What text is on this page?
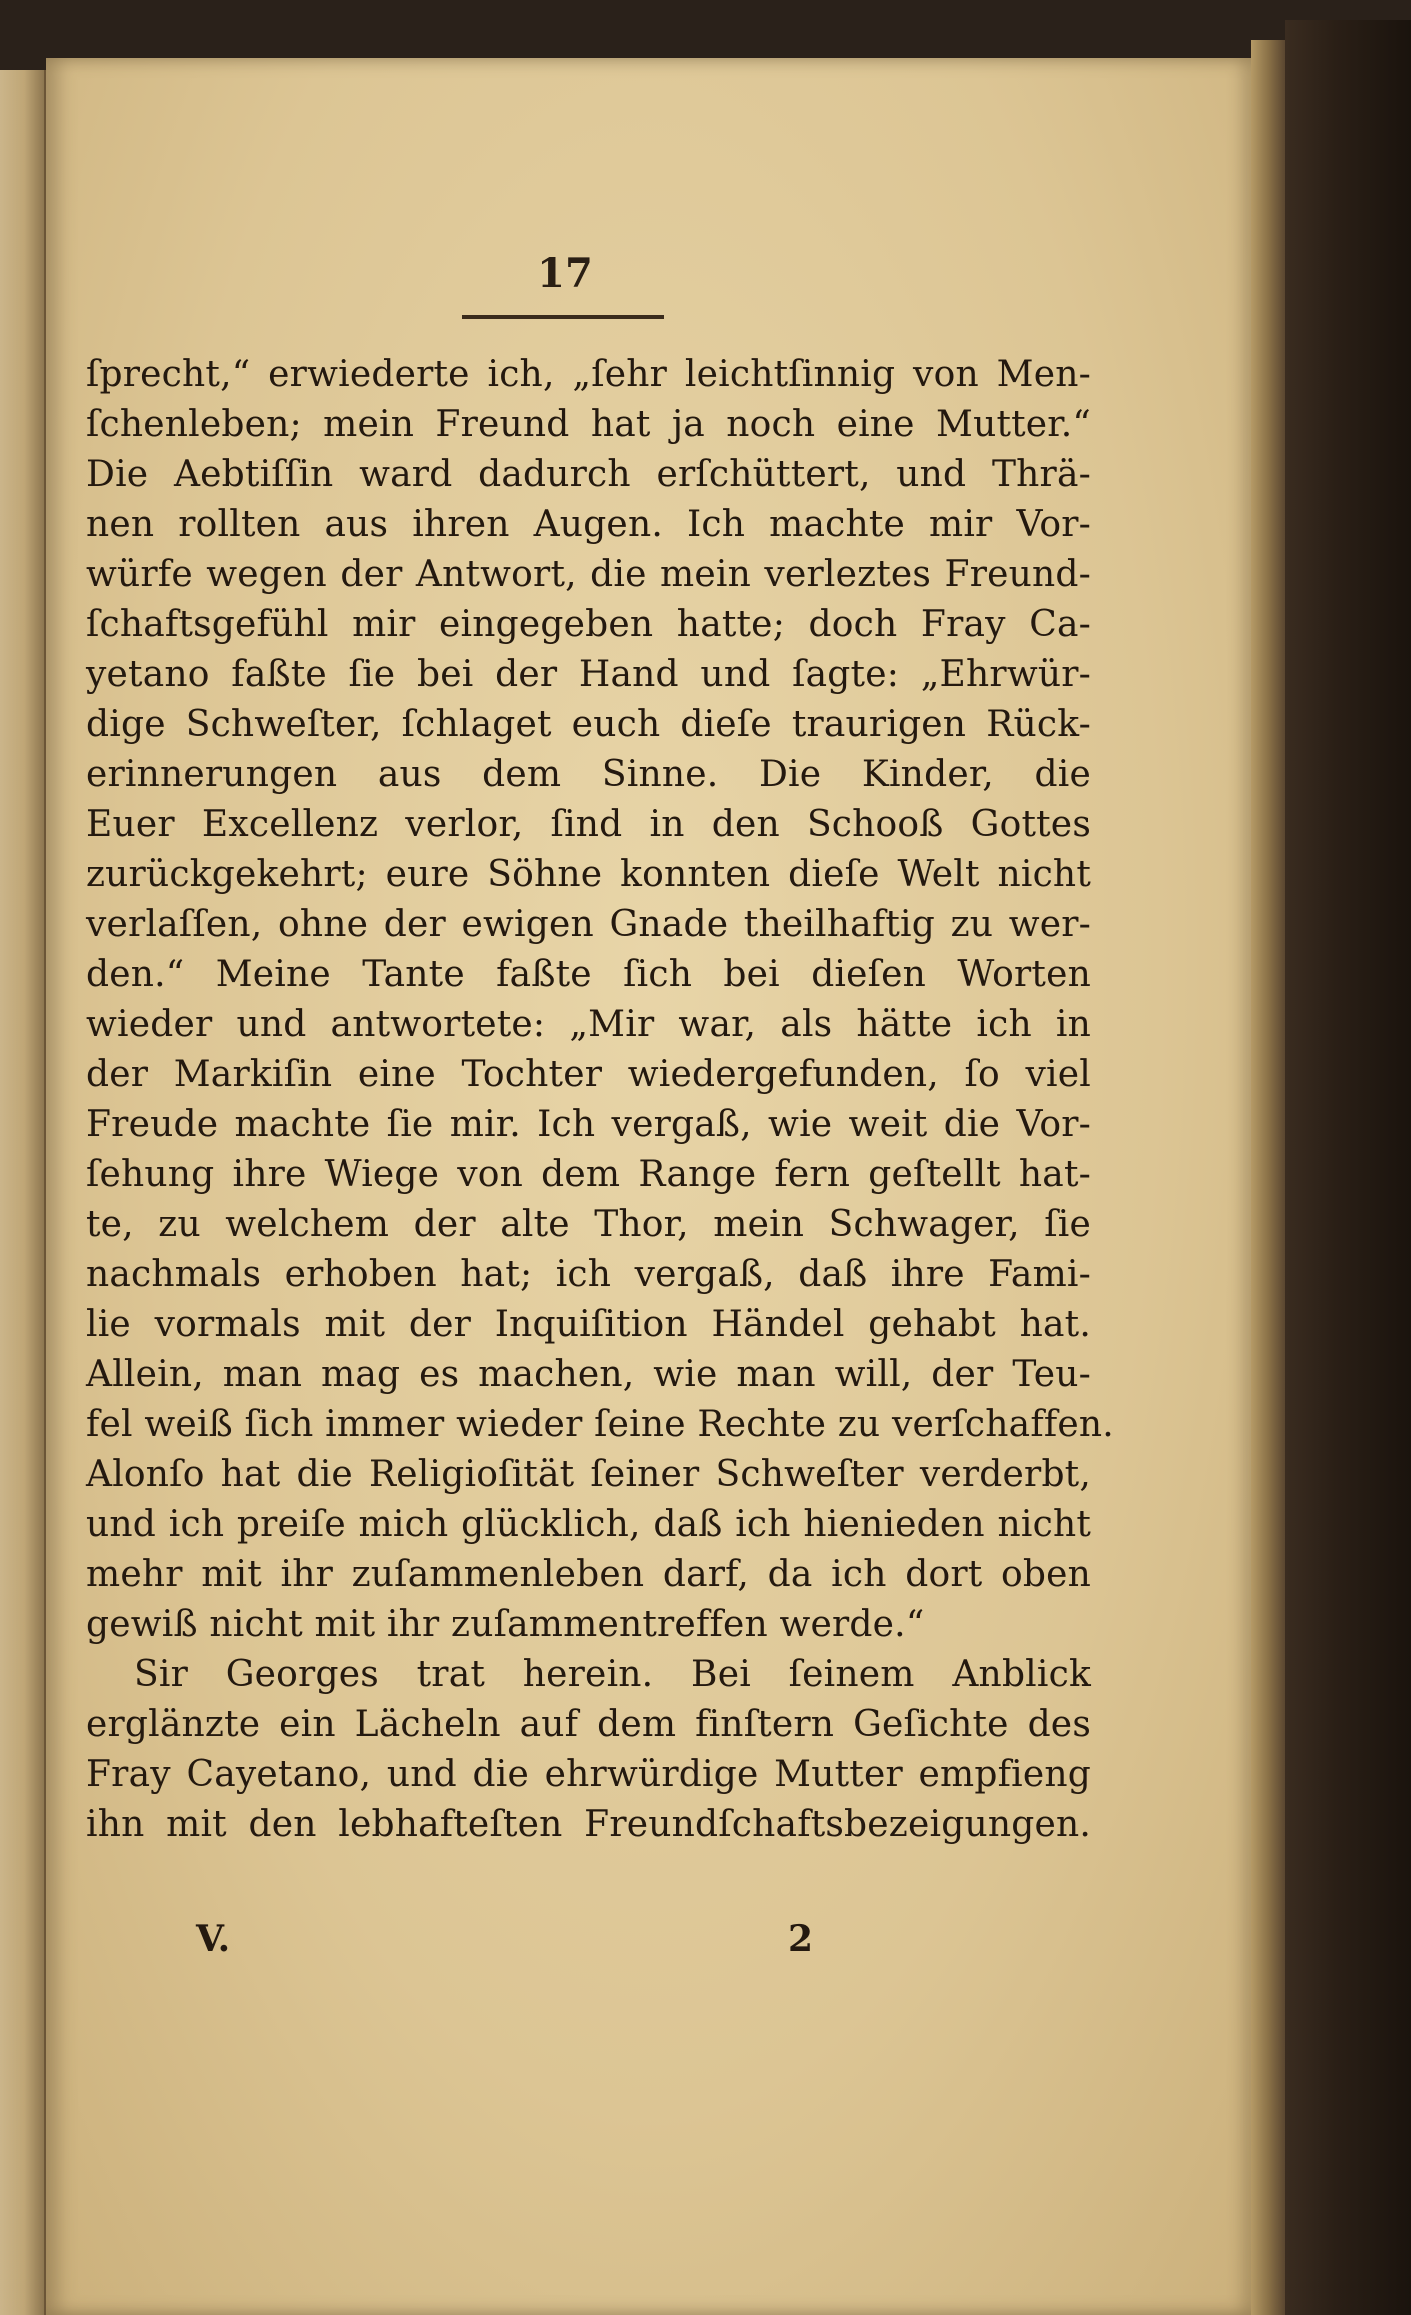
17
ſprecht,“ erwiederte ich, „ſehr leichtſinnig von Men-
ſchenleben; mein Freund hat ja noch eine Mutter.“
Die Aebtiſſin ward dadurch erſchüttert, und Thrä-
nen rollten aus ihren Augen. Ich machte mir Vor-
würfe wegen der Antwort, die mein verleztes Freund-
ſchaftsgefühl mir eingegeben hatte; doch Fray Ca-
yetano faßte ſie bei der Hand und ſagte: „Ehrwür-
dige Schweſter, ſchlaget euch dieſe traurigen Rück-
erinnerungen aus dem Sinne. Die Kinder, die
Euer Excellenz verlor, ſind in den Schooß Gottes
zurückgekehrt; eure Söhne konnten dieſe Welt nicht
verlaſſen, ohne der ewigen Gnade theilhaftig zu wer-
den.“ Meine Tante faßte ſich bei dieſen Worten
wieder und antwortete: „Mir war, als hätte ich in
der Markiſin eine Tochter wiedergefunden, ſo viel
Freude machte ſie mir. Ich vergaß, wie weit die Vor-
ſehung ihre Wiege von dem Range fern geſtellt hat-
te, zu welchem der alte Thor, mein Schwager, ſie
nachmals erhoben hat; ich vergaß, daß ihre Fami-
lie vormals mit der Inquiſition Händel gehabt hat.
Allein, man mag es machen, wie man will, der Teu-
fel weiß ſich immer wieder ſeine Rechte zu verſchaffen.
Alonſo hat die Religioſität ſeiner Schweſter verderbt,
und ich preiſe mich glücklich, daß ich hienieden nicht
mehr mit ihr zuſammenleben darf, da ich dort oben
gewiß nicht mit ihr zuſammentreffen werde.“
Sir Georges trat herein. Bei ſeinem Anblick
erglänzte ein Lächeln auf dem finſtern Geſichte des
Fray Cayetano, und die ehrwürdige Mutter empfieng
ihn mit den lebhafteſten Freundſchaftsbezeigungen.
V.	2
